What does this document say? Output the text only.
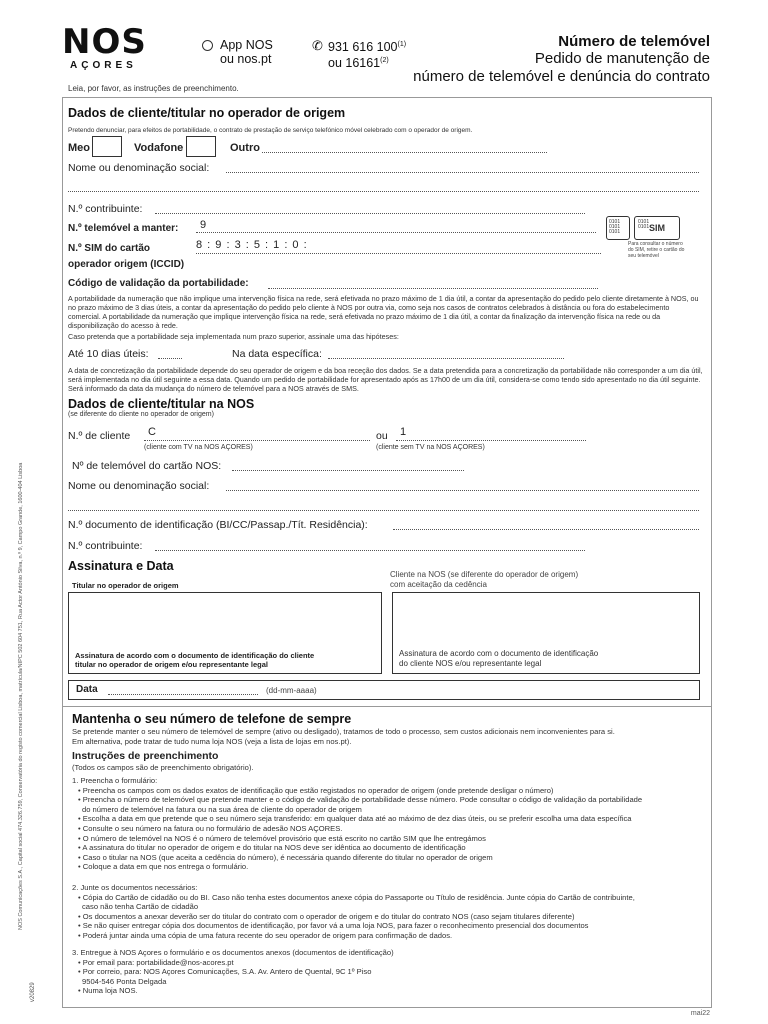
NOS
AÇORES
App NOS
ou nos.pt
✆ 931 616 100$^{(1)}$
ou 16161$^{(2)}$
Número de telemóvel
Pedido de manutenção de
número de telemóvel e denúncia do contrato
Leia, por favor, as instruções de preenchimento.
NOS Comunicações S.A., Capital social 474.326.759, Conservatória do registo comercial Lisboa, matrícula/NIPC 502 604 751, Rua Actor António Silva, n.º 9, Campo Grande, 1600-404 Lisboa
v20829
Dados de cliente/titular no operador de origem
Pretendo denunciar, para efeitos de portabilidade, o contrato de prestação de serviço telefónico móvel celebrado com o operador de origem.
Meo	Vodafone	Outro
Nome ou denominação social:
N.º contribuinte:
N.º telemóvel a manter: 9
N.º SIM do cartão	8 : 9 : 3 : 5 : 1 : 0 :
operador origem (ICCID)
0101
0101
0101
0101
0101 SIM
Para consultar o número do SIM, retire o cartão do seu telemóvel
Código de validação da portabilidade:
A portabilidade da numeração que não implique uma intervenção física na rede, será efetivada no prazo máximo de 1 dia útil, a contar da apresentação do pedido pelo cliente diretamente à NOS, ou no prazo máximo de 3 dias úteis, a contar da apresentação do pedido pelo cliente à NOS por outra via, como seja nos casos de contratos celebrados à distância ou fora do estabelecimento comercial. A portabilidade da numeração que implique intervenção física na rede, será efetivada no prazo máximo de 1 dia útil, a contar da finalização da intervenção física na rede ou da disponibilização do acesso à rede.
Caso pretenda que a portabilidade seja implementada num prazo superior, assinale uma das hipóteses:
Até 10 dias úteis:	Na data específica:
A data de concretização da portabilidade depende do seu operador de origem e da boa receção dos dados. Se a data pretendida para a concretização da portabilidade não corresponder a um dia útil, será implementada no dia útil seguinte a essa data. Quando um pedido de portabilidade for apresentado após as 17h00 de um dia útil, considera-se como tendo sido apresentado no dia útil seguinte. Será informado da data da mudança do número de telemóvel para a NOS através de SMS.
Dados de cliente/titular na NOS
(se diferente do cliente no operador de origem)
N.º de cliente C
(cliente com TV na NOS AÇORES)
ou 1
(cliente sem TV na NOS AÇORES)
Nº de telemóvel do cartão NOS:
Nome ou denominação social:
N.º documento de identificação (BI/CC/Passap./Tít. Residência):
N.º contribuinte:
Assinatura e Data
Titular no operador de origem
Cliente na NOS (se diferente do operador de origem)
com aceitação da cedência
Assinatura de acordo com o documento de identificação do cliente
titular no operador de origem e/ou representante legal
Assinatura de acordo com o documento de identificação
do cliente NOS e/ou representante legal
Data	(dd-mm-aaaa)
Mantenha o seu número de telefone de sempre
Se pretende manter o seu número de telemóvel de sempre (ativo ou desligado), tratamos de todo o processo, sem custos adicionais nem inconvenientes para si.
Em alternativa, pode tratar de tudo numa loja NOS (veja a lista de lojas em nos.pt).
Instruções de preenchimento
(Todos os campos são de preenchimento obrigatório).
1. Preencha o formulário:
• Preencha os campos com os dados exatos de identificação que estão registados no operador de origem (onde pretende desligar o número)
• Preencha o número de telemóvel que pretende manter e o código de validação de portabilidade desse número. Pode consultar o código de validação da portabilidade
do número de telemóvel na fatura ou na sua área de cliente do operador de origem
• Escolha a data em que pretende que o seu número seja transferido: em qualquer data até ao máximo de dez dias úteis, ou se preferir escolha uma data específica
• Consulte o seu número na fatura ou no formulário de adesão NOS AÇORES.
• O número de telemóvel na NOS é o número de telemóvel provisório que está escrito no cartão SIM que lhe entregámos
• A assinatura do titular no operador de origem e do titular na NOS deve ser idêntica ao documento de identificação
• Caso o titular na NOS (que aceita a cedência do número), é necessária quando diferente do titular no operador de origem
• Coloque a data em que nos entrega o formulário.
2. Junte os documentos necessários:
• Cópia do Cartão de cidadão ou do BI. Caso não tenha estes documentos anexe cópia do Passaporte ou Título de residência. Junte cópia do Cartão de contribuinte,
caso não tenha Cartão de cidadão
• Os documentos a anexar deverão ser do titular do contrato com o operador de origem e do titular do contrato NOS (caso sejam titulares diferente)
• Se não quiser entregar cópia dos documentos de identificação, por favor vá a uma loja NOS, para fazer o reconhecimento presencial dos documentos
• Poderá juntar ainda uma cópia de uma fatura recente do seu operador de origem para confirmação de dados.
3. Entregue à NOS Açores o formulário e os documentos anexos (documentos de identificação)
• Por email para: portabilidade@nos-acores.pt
• Por correio, para: NOS Açores Comunicações, S.A. Av. Antero de Quental, 9C 1º Piso
9504-546 Ponta Delgada
• Numa loja NOS.
mai22
